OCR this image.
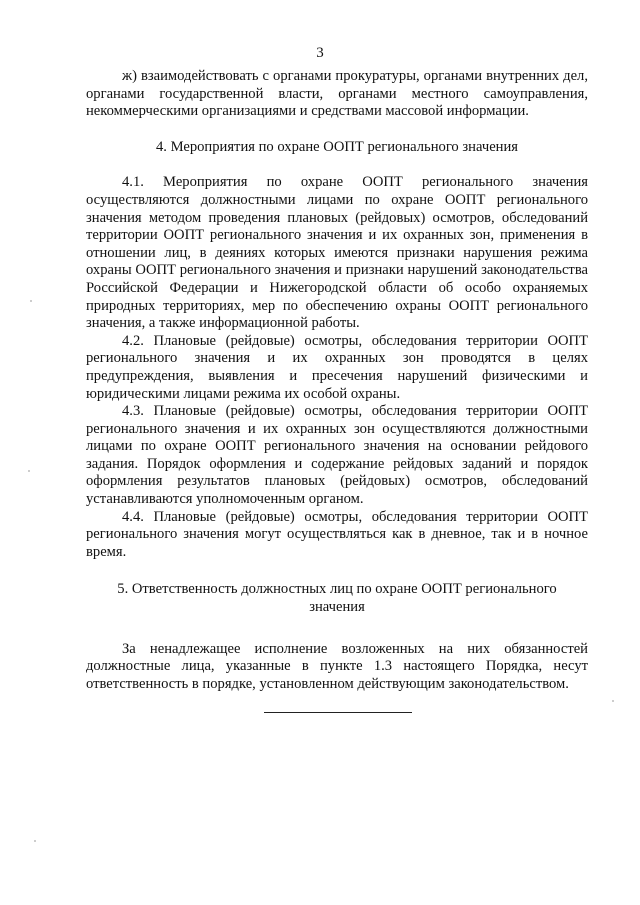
3

ж) взаимодействовать с органами прокуратуры, органами внутренних дел, органами государственной власти, органами местного самоуправления, некоммерческими организациями и средствами массовой информации.

4. Мероприятия по охране ООПТ регионального значения

4.1. Мероприятия по охране ООПТ регионального значения осуществляются должностными лицами по охране ООПТ регионального значения методом проведения плановых (рейдовых) осмотров, обследований территории ООПТ регионального значения и их охранных зон, применения в отношении лиц, в деяниях которых имеются признаки нарушения режима охраны ООПТ регионального значения и признаки нарушений законодательства Российской Федерации и Нижегородской области об особо охраняемых природных территориях, мер по обеспечению охраны ООПТ регионального значения, а также информационной работы.

4.2. Плановые (рейдовые) осмотры, обследования территории ООПТ регионального значения и их охранных зон проводятся в целях предупреждения, выявления и пресечения нарушений физическими и юридическими лицами режима их особой охраны.

4.3. Плановые (рейдовые) осмотры, обследования территории ООПТ регионального значения и их охранных зон осуществляются должностными лицами по охране ООПТ регионального значения на основании рейдового задания. Порядок оформления и содержание рейдовых заданий и порядок оформления результатов плановых (рейдовых) осмотров, обследований устанавливаются уполномоченным органом.

4.4. Плановые (рейдовые) осмотры, обследования территории ООПТ регионального значения могут осуществляться как в дневное, так и в ночное время.

5. Ответственность должностных лиц по охране ООПТ регионального
значения

За ненадлежащее исполнение возложенных на них обязанностей должностные лица, указанные в пункте 1.3 настоящего Порядка, несут ответственность в порядке, установленном действующим законодательством.
